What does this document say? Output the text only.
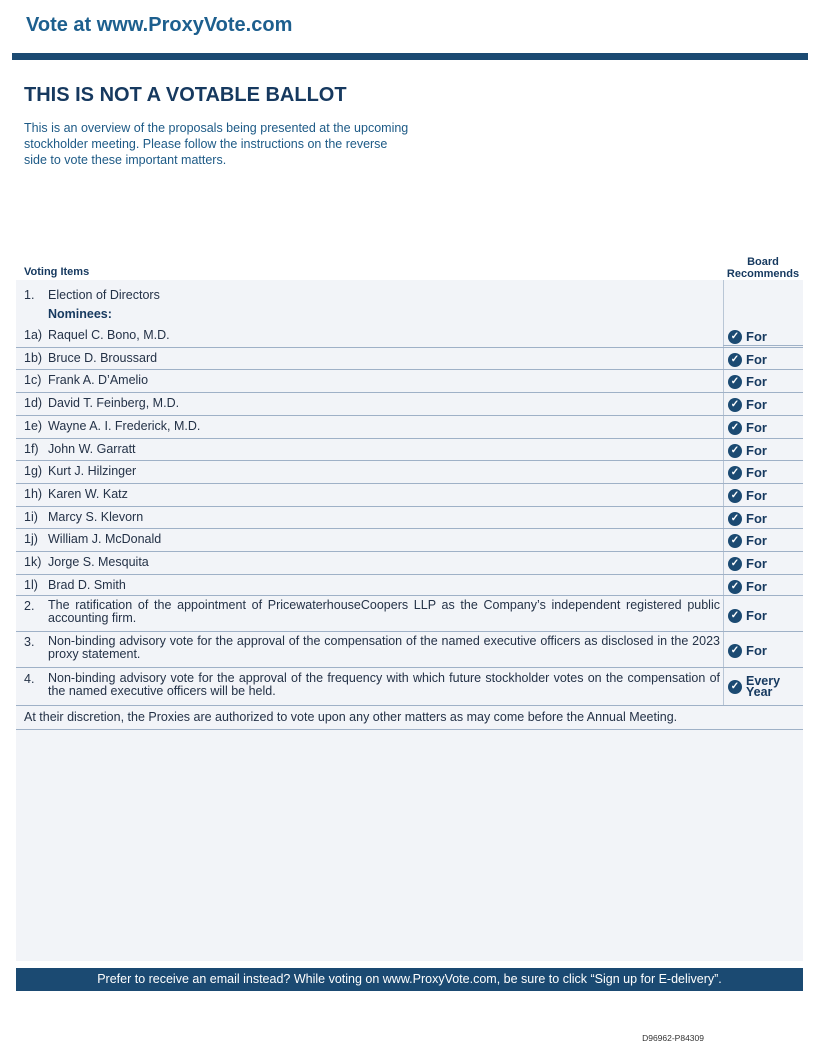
Vote at www.ProxyVote.com
THIS IS NOT A VOTABLE BALLOT
This is an overview of the proposals being presented at the upcoming stockholder meeting. Please follow the instructions on the reverse side to vote these important matters.
Voting Items
Board
Recommends
1. Election of Directors
Nominees:
1a) Raquel C. Bono, M.D.	✓ For
1b) Bruce D. Broussard	✓ For
1c) Frank A. D’Amelio	✓ For
1d) David T. Feinberg, M.D.	✓ For
1e) Wayne A. I. Frederick, M.D.	✓ For
1f) John W. Garratt	✓ For
1g) Kurt J. Hilzinger	✓ For
1h) Karen W. Katz	✓ For
1i) Marcy S. Klevorn	✓ For
1j) William J. McDonald	✓ For
1k) Jorge S. Mesquita	✓ For
1l) Brad D. Smith	✓ For
2. The ratification of the appointment of PricewaterhouseCoopers LLP as the Company’s independent registered public accounting firm.	✓ For
3. Non-binding advisory vote for the approval of the compensation of the named executive officers as disclosed in the 2023 proxy statement.	✓ For
4. Non-binding advisory vote for the approval of the frequency with which future stockholder votes on the compensation of the named executive officers will be held.	✓ Every
Year
At their discretion, the Proxies are authorized to vote upon any other matters as may come before the Annual Meeting.
Prefer to receive an email instead? While voting on www.ProxyVote.com, be sure to click “Sign up for E-delivery”.
D96962-P84309
